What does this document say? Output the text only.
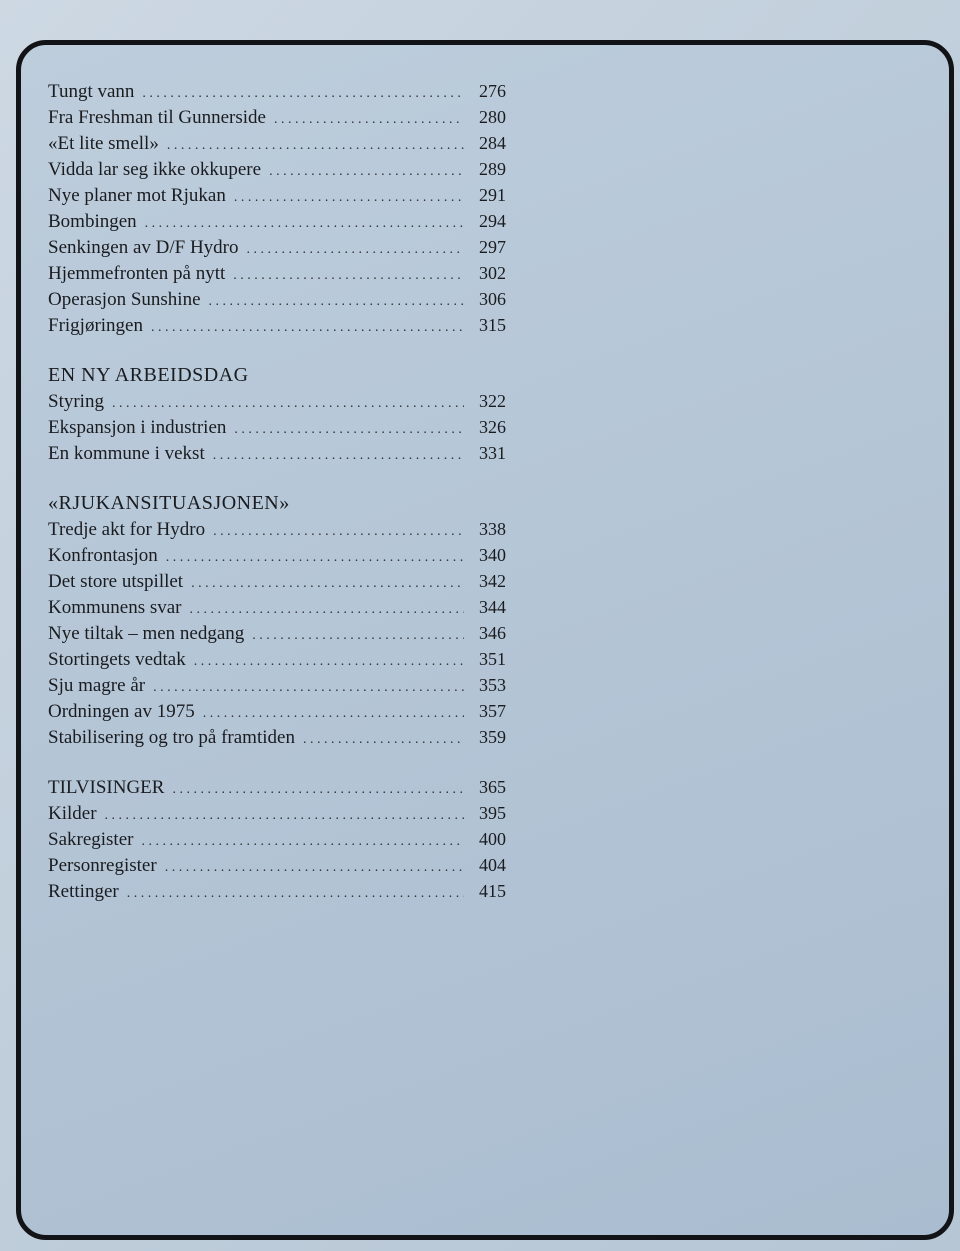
Tungt vann . . .	276
Fra Freshman til Gunnerside . . .	280
«Et lite smell» . . .	284
Vidda lar seg ikke okkupere . . .	289
Nye planer mot Rjukan . . .	291
Bombingen . . .	294
Senkingen av D/F Hydro . . .	297
Hjemmefronten på nytt . . .	302
Operasjon Sunshine . . .	306
Frigjøringen . . .	315
EN NY ARBEIDSDAG
Styring . . .	322
Ekspansjon i industrien . . .	326
En kommune i vekst . . .	331
«RJUKANSITUASJONEN»
Tredje akt for Hydro . . .	338
Konfrontasjon . . .	340
Det store utspillet . . .	342
Kommunens svar . . .	344
Nye tiltak – men nedgang . . .	346
Stortingets vedtak . . .	351
Sju magre år . . .	353
Ordningen av 1975 . . .	357
Stabilisering og tro på framtiden . . .	359
TILVISINGER . . .	365
Kilder . . .	395
Sakregister . . .	400
Personregister . . .	404
Rettinger . . .	415
